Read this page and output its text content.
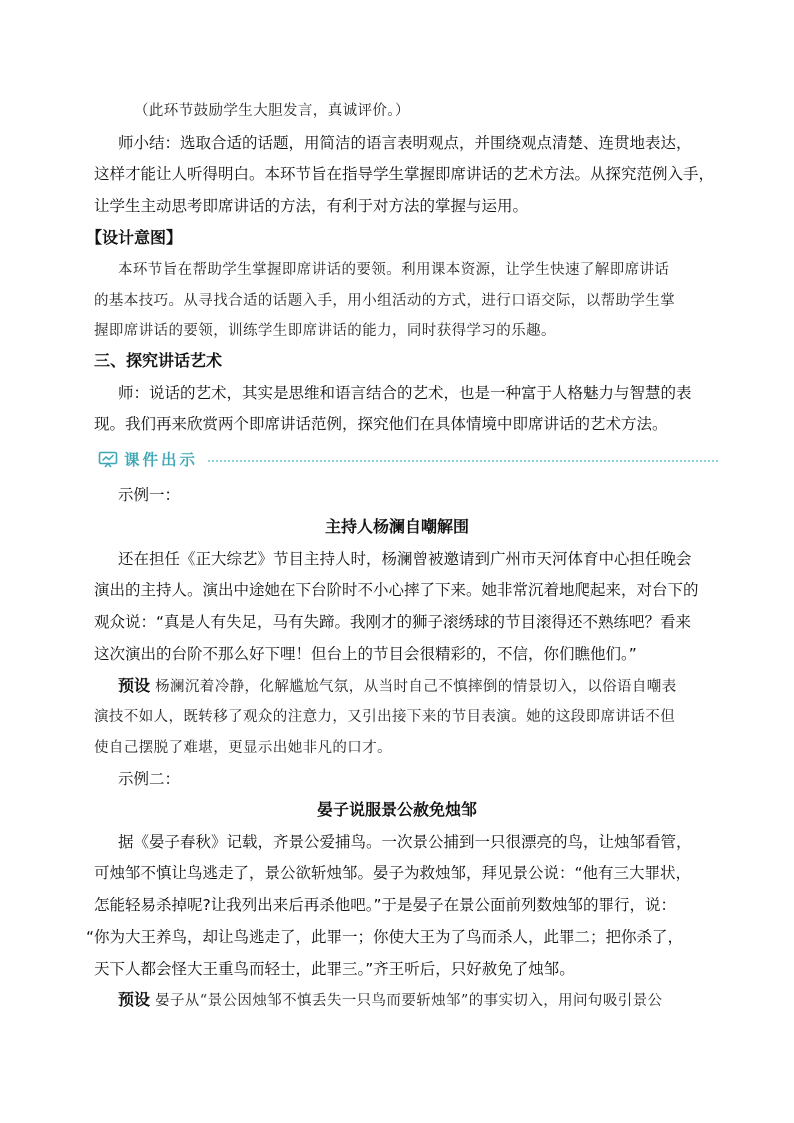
（此环节鼓励学生大胆发言，真诚评价。）
师小结：选取合适的话题，用简洁的语言表明观点，并围绕观点清楚、连贯地表达，
这样才能让人听得明白。本环节旨在指导学生掌握即席讲话的艺术方法。从探究范例入手，
让学生主动思考即席讲话的方法，有利于对方法的掌握与运用。
【设计意图】
本环节旨在帮助学生掌握即席讲话的要领。利用课本资源，让学生快速了解即席讲话
的基本技巧。从寻找合适的话题入手，用小组活动的方式，进行口语交际，以帮助学生掌
握即席讲话的要领，训练学生即席讲话的能力，同时获得学习的乐趣。
三、探究讲话艺术
师：说话的艺术，其实是思维和语言结合的艺术，也是一种富于人格魅力与智慧的表
现。我们再来欣赏两个即席讲话范例，探究他们在具体情境中即席讲话的艺术方法。
课件出示
示例一：
主持人杨澜自嘲解围
还在担任《正大综艺》节目主持人时，杨澜曾被邀请到广州市天河体育中心担任晚会
演出的主持人。演出中途她在下台阶时不小心摔了下来。她非常沉着地爬起来，对台下的
观众说：“真是人有失足，马有失蹄。我刚才的狮子滚绣球的节目滚得还不熟练吧？看来
这次演出的台阶不那么好下哩！但台上的节目会很精彩的，不信，你们瞧他们。”
预设 杨澜沉着冷静，化解尴尬气氛，从当时自己不慎摔倒的情景切入，以俗语自嘲表
演技不如人，既转移了观众的注意力，又引出接下来的节目表演。她的这段即席讲话不但
使自己摆脱了难堪，更显示出她非凡的口才。
示例二：
晏子说服景公赦免烛邹
据《晏子春秋》记载，齐景公爱捕鸟。一次景公捕到一只很漂亮的鸟，让烛邹看管，
可烛邹不慎让鸟逃走了，景公欲斩烛邹。晏子为救烛邹，拜见景公说：“他有三大罪状，
怎能轻易杀掉呢?让我列出来后再杀他吧。”于是晏子在景公面前列数烛邹的罪行，说：
“你为大王养鸟，却让鸟逃走了，此罪一；你使大王为了鸟而杀人，此罪二；把你杀了，
天下人都会怪大王重鸟而轻士，此罪三。”齐王听后，只好赦免了烛邹。
预设 晏子从“景公因烛邹不慎丢失一只鸟而要斩烛邹”的事实切入，用问句吸引景公
